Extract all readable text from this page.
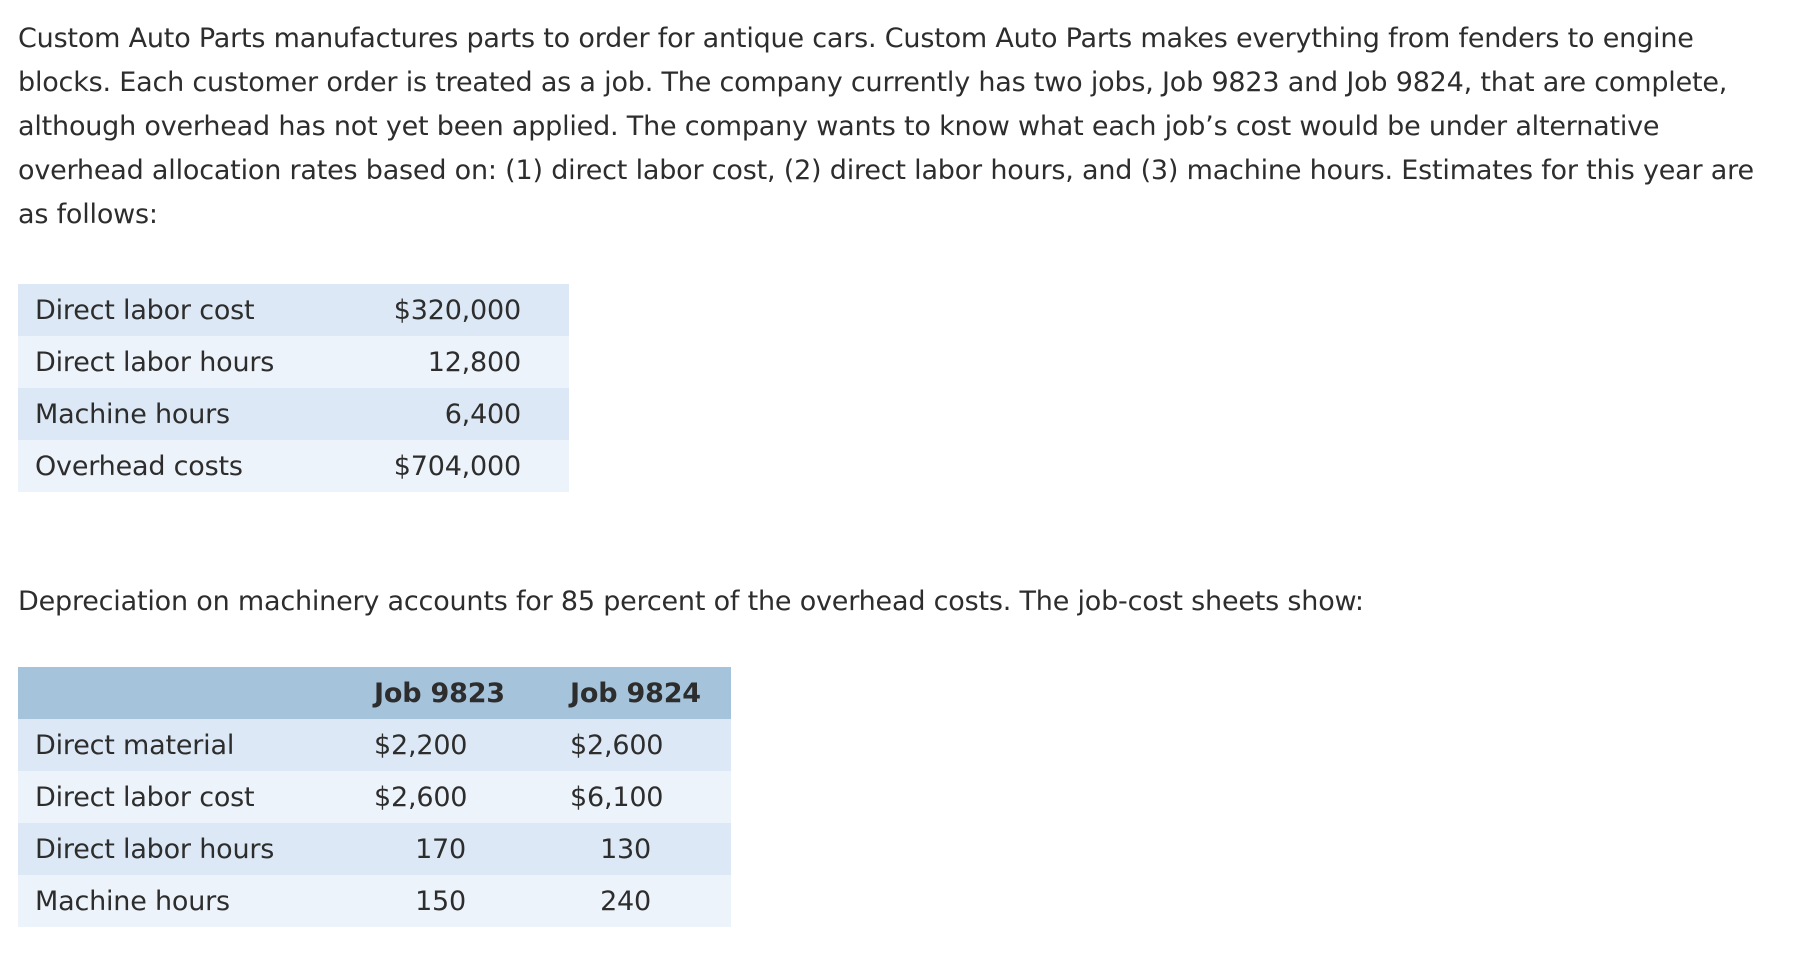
Custom Auto Parts manufactures parts to order for antique cars. Custom Auto Parts makes everything from fenders to engine blocks. Each customer order is treated as a job. The company currently has two jobs, Job 9823 and Job 9824, that are complete, although overhead has not yet been applied. The company wants to know what each job’s cost would be under alternative overhead allocation rates based on: (1) direct labor cost, (2) direct labor hours, and (3) machine hours. Estimates for this year are as follows:

Direct labor cost	$320,000
Direct labor hours	12,800
Machine hours	6,400
Overhead costs	$704,000

Depreciation on machinery accounts for 85 percent of the overhead costs. The job-cost sheets show:

	Job 9823	Job 9824
Direct material	$2,200	$2,600
Direct labor cost	$2,600	$6,100
Direct labor hours	170	130
Machine hours	150	240
